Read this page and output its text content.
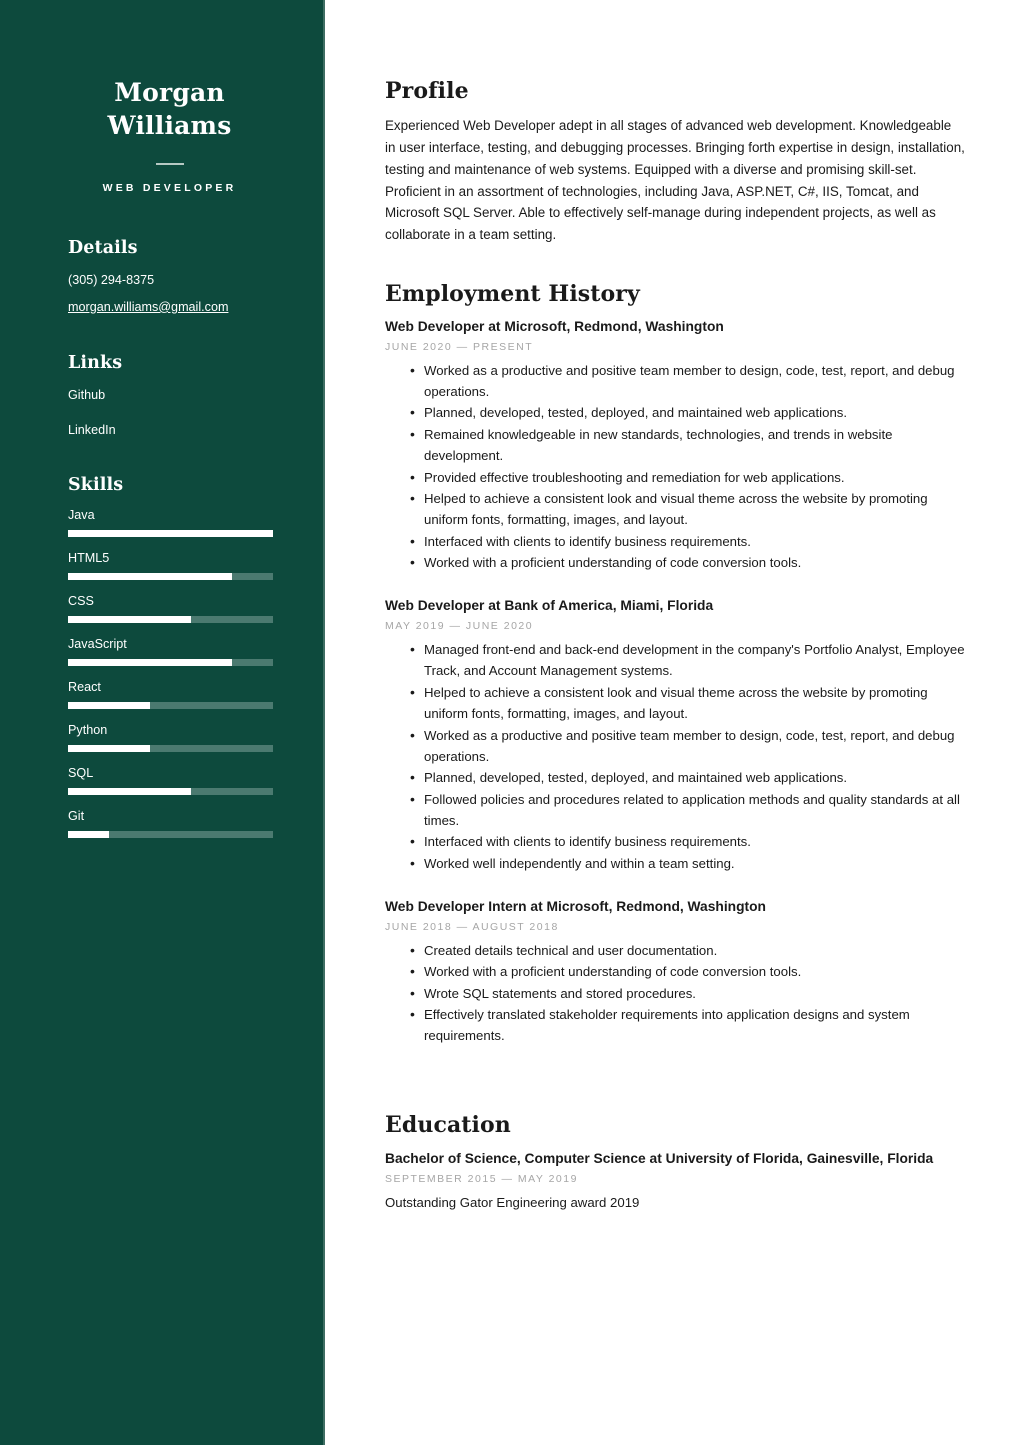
Morgan
Williams
WEB DEVELOPER
Details
(305) 294-8375
morgan.williams@gmail.com
Links
Github
LinkedIn
Skills
Java
HTML5
CSS
JavaScript
React
Python
SQL
Git
Profile

Experienced Web Developer adept in all stages of advanced web development. Knowledgeable in user interface, testing, and debugging processes. Bringing forth expertise in design, installation, testing and maintenance of web systems. Equipped with a diverse and promising skill-set. Proficient in an assortment of technologies, including Java, ASP.NET, C#, IIS, Tomcat, and Microsoft SQL Server. Able to effectively self-manage during independent projects, as well as collaborate in a team setting.

Employment History
Web Developer at Microsoft, Redmond, Washington
JUNE 2020 — PRESENT
• Worked as a productive and positive team member to design, code, test, report, and debug operations.
• Planned, developed, tested, deployed, and maintained web applications.
• Remained knowledgeable in new standards, technologies, and trends in website development.
• Provided effective troubleshooting and remediation for web applications.
• Helped to achieve a consistent look and visual theme across the website by promoting uniform fonts, formatting, images, and layout.
• Interfaced with clients to identify business requirements.
• Worked with a proficient understanding of code conversion tools.
Web Developer at Bank of America, Miami, Florida
MAY 2019 — JUNE 2020
• Managed front-end and back-end development in the company's Portfolio Analyst, Employee Track, and Account Management systems.
• Helped to achieve a consistent look and visual theme across the website by promoting uniform fonts, formatting, images, and layout.
• Worked as a productive and positive team member to design, code, test, report, and debug operations.
• Planned, developed, tested, deployed, and maintained web applications.
• Followed policies and procedures related to application methods and quality standards at all times.
• Interfaced with clients to identify business requirements.
• Worked well independently and within a team setting.
Web Developer Intern at Microsoft, Redmond, Washington
JUNE 2018 — AUGUST 2018
• Created details technical and user documentation.
• Worked with a proficient understanding of code conversion tools.
• Wrote SQL statements and stored procedures.
• Effectively translated stakeholder requirements into application designs and system requirements.
Education
Bachelor of Science, Computer Science at University of Florida, Gainesville, Florida
SEPTEMBER 2015 — MAY 2019

Outstanding Gator Engineering award 2019
